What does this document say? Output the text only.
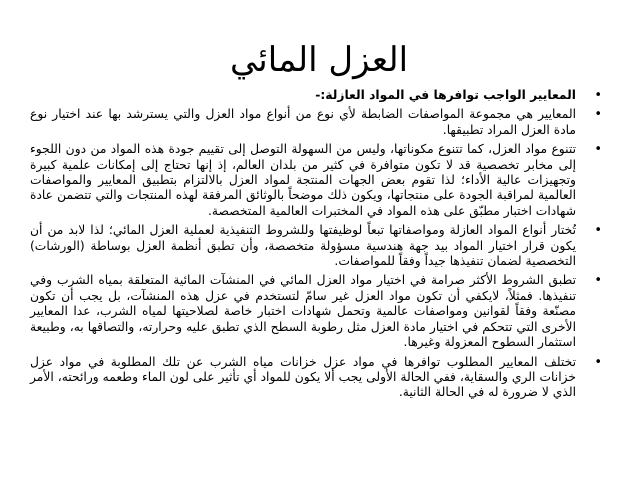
العزل المائي
•
المعايير الواجب توافرها في المواد العازلة:-
•
المعايير هي مجموعة المواصفات الضابطة لأي نوع من أنواع مواد العزل والتي يسترشد بها عند اختيار نوع مادة العزل المراد تطبيقها.
•
تتنوع مواد العزل، كما تتنوع مكوناتها، وليس من السهولة التوصل إلى تقييم جودة هذه المواد من دون اللجوء إلى مخابر تخصصية قد لا تكون متوافرة في كثير من بلدان العالم، إذ إنها تحتاج إلى إمكانات علمية كبيرة وتجهيزات عالية الأداء؛ لذا تقوم بعض الجهات المنتجة لمواد العزل بالالتزام بتطبيق المعايير والمواصفات العالمية لمراقبة الجودة على منتجاتها، ويكون ذلك موضحاً بالوثائق المرفقة لهذه المنتجات والتي تتضمن عادة شهادات اختبار مطبّق على هذه المواد في المختبرات العالمية المتخصصة.
•
تُختار أنواع المواد العازلة ومواصفاتها تبعاً لوظيفتها وللشروط التنفيذية لعملية العزل المائي؛ لذا لابد من أن يكون قرار اختيار المواد بيد جهة هندسية مسؤولة متخصصة، وأن تطبق أنظمة العزل بوساطة (الورشات) التخصصية لضمان تنفيذها جيداً وفقاً للمواصفات.
•
تطبق الشروط الأكثر صرامة في اختيار مواد العزل المائي في المنشآت المائية المتعلقة بمياه الشرب وفي تنفيذها. فمثلاً، لايكفي أن تكون مواد العزل غير سامّ لتستخدم في عزل هذه المنشآت، بل يجب أن تكون مصنّعة وفقاً لقوانين ومواصفات عالمية وتحمل شهادات اختبار خاصة لصلاحيتها لمياه الشرب، عدا المعايير الأخرى التي تتحكم في اختيار مادة العزل مثل رطوبة السطح الذي تطبق عليه وحرارته، والتصاقها به، وطبيعة استثمار السطوح المعزولة وغيرها.
•
تختلف المعايير المطلوب توافرها في مواد عزل خزانات مياه الشرب عن تلك المطلوبة في مواد عزل خزانات الري والسقاية، ففي الحالة الأولى يجب ألا يكون للمواد أي تأثير على لون الماء وطعمه ورائحته، الأمر الذي لا ضرورة له في الحالة الثانية.
